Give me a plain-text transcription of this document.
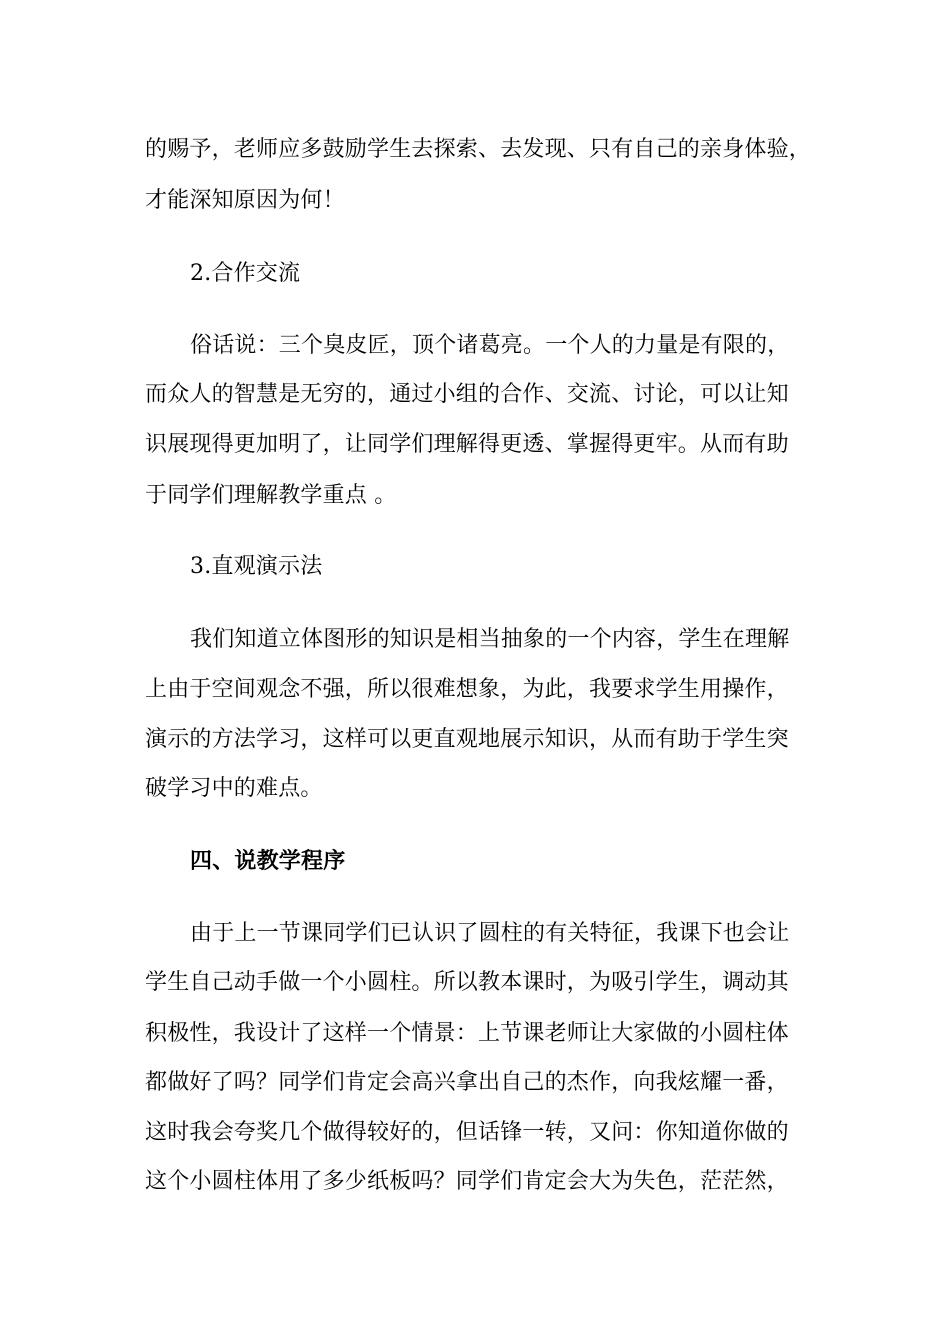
的赐予，老师应多鼓励学生去探索、去发现、只有自己的亲身体验，
才能深知原因为何！
2.合作交流
俗话说：三个臭皮匠，顶个诸葛亮。一个人的力量是有限的，
而众人的智慧是无穷的，通过小组的合作、交流、讨论，可以让知
识展现得更加明了，让同学们理解得更透、掌握得更牢。从而有助
于同学们理解教学重点 。
3.直观演示法
我们知道立体图形的知识是相当抽象的一个内容，学生在理解
上由于空间观念不强，所以很难想象，为此，我要求学生用操作，
演示的方法学习，这样可以更直观地展示知识，从而有助于学生突
破学习中的难点。
四、说教学程序
由于上一节课同学们已认识了圆柱的有关特征，我课下也会让
学生自己动手做一个小圆柱。所以教本课时，为吸引学生，调动其
积极性，我设计了这样一个情景：上节课老师让大家做的小圆柱体
都做好了吗？同学们肯定会高兴拿出自己的杰作，向我炫耀一番，
这时我会夸奖几个做得较好的，但话锋一转，又问：你知道你做的
这个小圆柱体用了多少纸板吗？同学们肯定会大为失色，茫茫然，
